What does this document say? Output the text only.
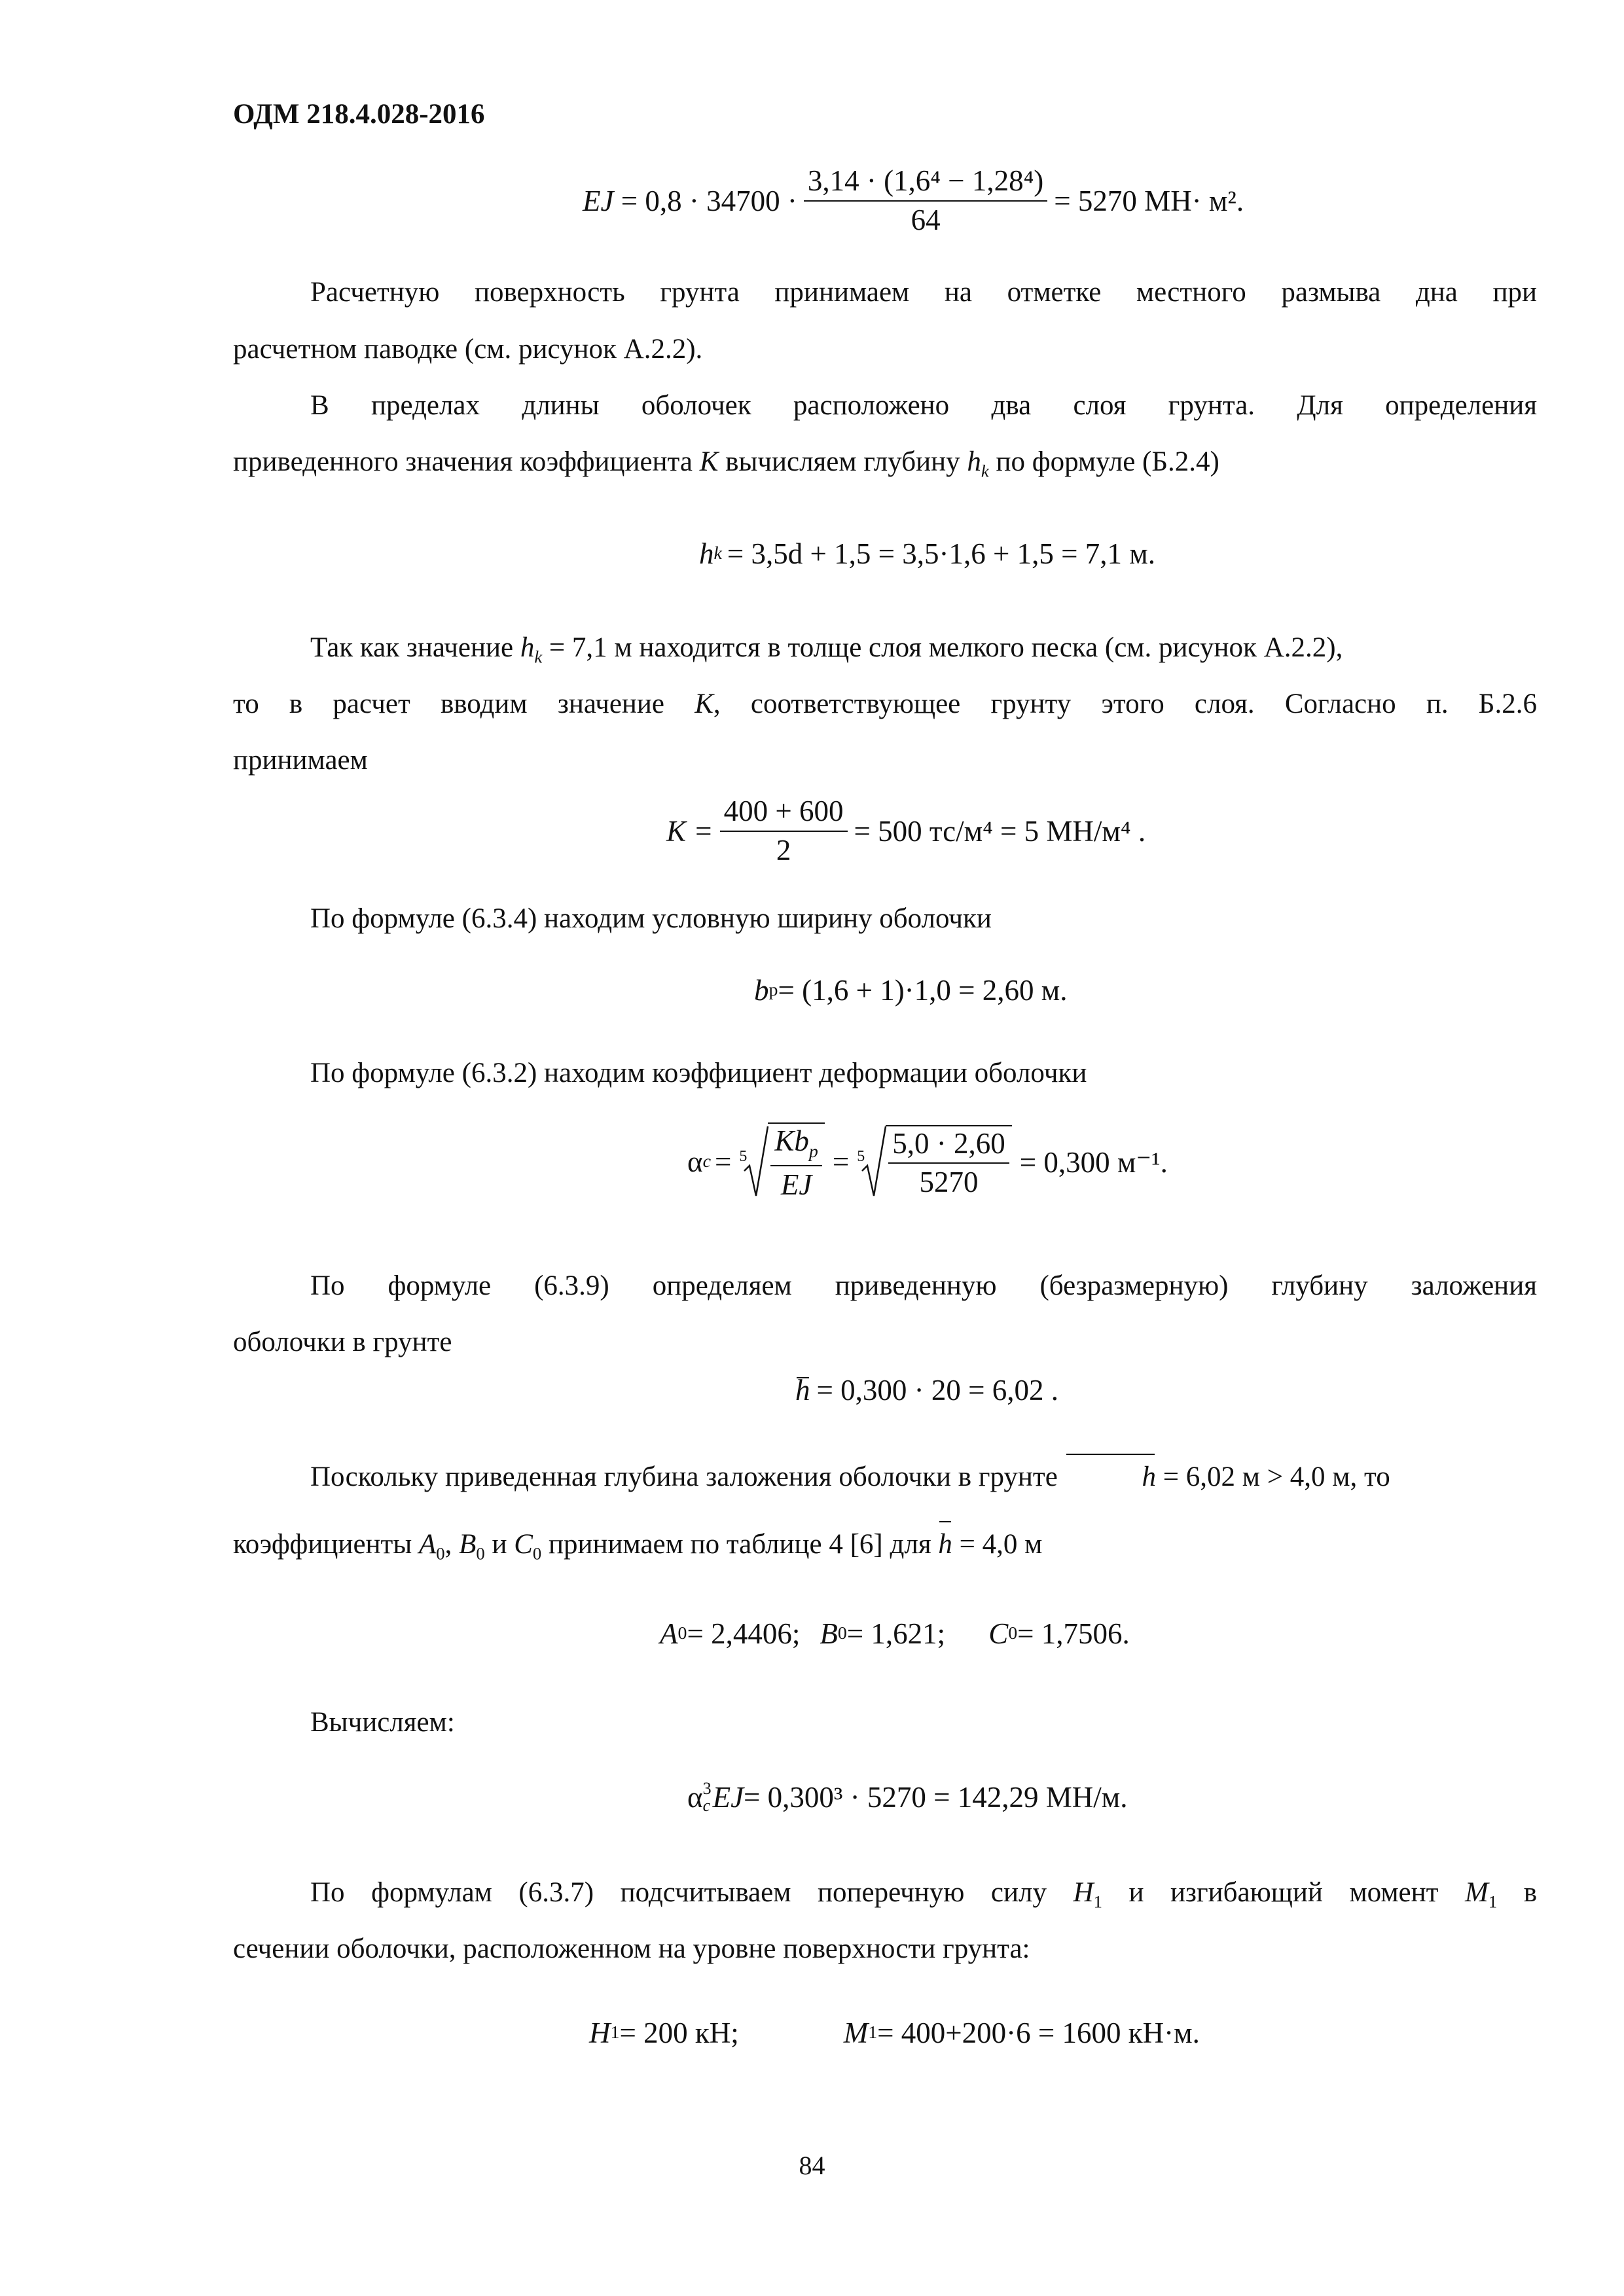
ОДМ 218.4.028-2016
EJ
= $0,8 \cdot 34700 \cdot \frac{\text{3,14 · (1,6⁴ − 1,28⁴)}}{64} = 5270$ МН· м².
Расчетную поверхность грунта принимаем на отметке местного размыва дна при
расчетном паводке (см. рисунок А.2.2).
В пределах длины оболочек расположено два слоя грунта. Для определения
приведенного значения коэффициента K вычисляем глубину $h_k$ по формуле (Б.2.4)
h k = 3,5d + 1,5 = 3,5·1,6 + 1,5 = 7,1 м.
Так как значение $h_k = 7,1$ м находится в толще слоя мелкого песка (см. рисунок А.2.2),
то в расчет вводим значение K, соответствующее грунту этого слоя. Согласно п. Б.2.6
принимаем
$K = \frac{400 + 600}{2} = 500$ тс/м⁴ = 5 МН/м⁴ .
По формуле (6.3.4) находим условную ширину оболочки
b р = (1,6 + 1)·1,0 = 2,60 м.
По формуле (6.3.2) находим коэффициент деформации оболочки
α $c = 5 \frac{Kb_p}{EJ} = 5 \frac{5,0 \cdot 2,60}{5270} = 0,300$ м⁻¹.
По формуле (6.3.9) определяем приведенную (безразмерную) глубину заложения
оболочки в грунте
h = 0,300 · 20 = 6,02 .
Поскольку приведенная глубина заложения оболочки в грунте	h = 6,02 м > 4,0 м, то
коэффициенты $A_0$, $B_0$ и $C_0$ принимаем по таблице 4 [6] для h = 4,0 м
A 0 = 2,4406; B 0 = 1,621; C 0 = 1,7506.
Вычисляем:
α 3
c EJ = 0,300³ · 5270 = 142,29 МН/м.
По формулам (6.3.7) подсчитываем поперечную силу $H_1$ и изгибающий момент $M_1$ в
сечении оболочки, расположенном на уровне поверхности грунта:
H 1 = 200 кН;	M 1 = 400+200·6 = 1600 кН·м.
84
